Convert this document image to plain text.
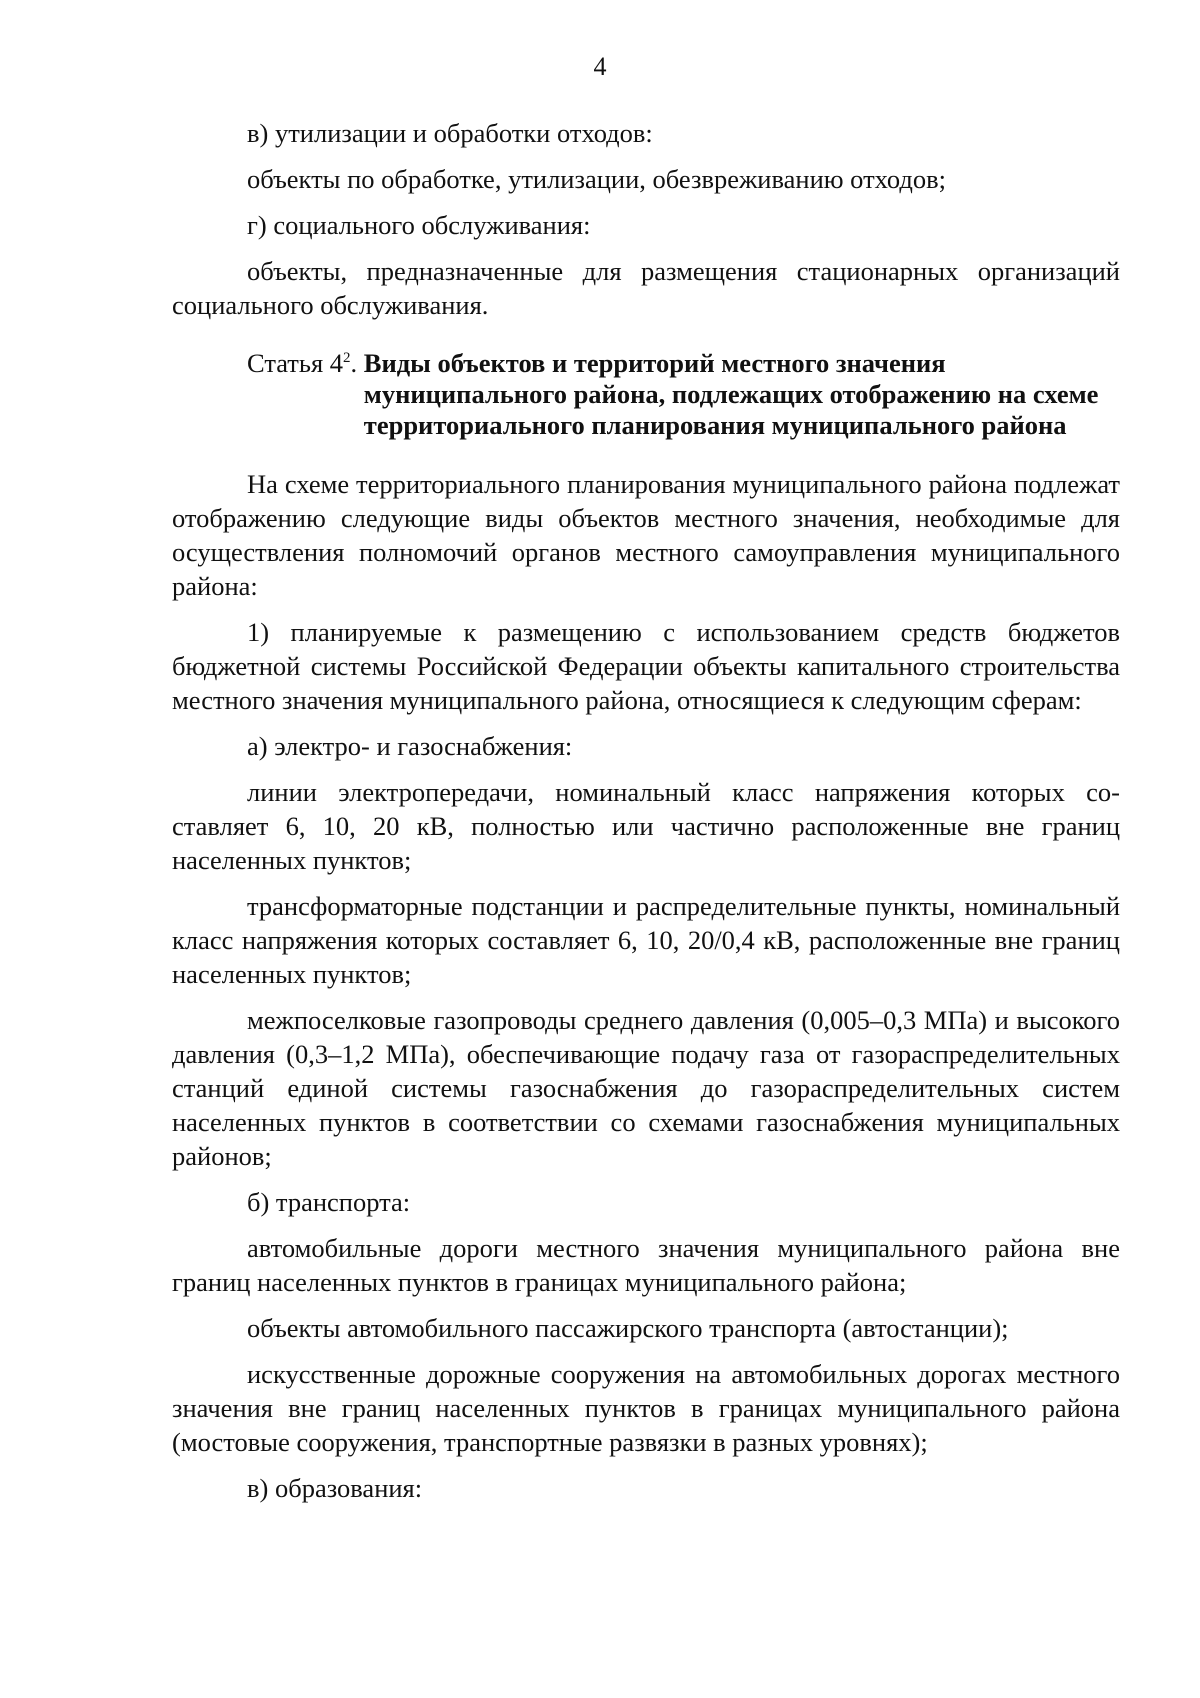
4

в) утилизации и обработки отходов:

объекты по обработке, утилизации, обезвреживанию отходов;

г) социального обслуживания:

объекты, предназначенные для размещения стационарных организаций социального обслуживания.

Статья $4^2$. Виды объектов и территорий местного значения муниципального района, подлежащих отображению на схеме территориального планирования муниципального района

На схеме территориального планирования муниципального района подлежат отображению следующие виды объектов местного значения, необходимые для осуществления полномочий органов местного самоуправления муниципального района:

1) планируемые к размещению с использованием средств бюджетов бюджетной системы Российской Федерации объекты капитального строительства местного значения муниципального района, относящиеся к следующим сферам:

а) электро- и газоснабжения:

линии электропередачи, номинальный класс напряжения которых составляет 6, 10, 20 кВ, полностью или частично расположенные вне границ населенных пунктов;

трансформаторные подстанции и распределительные пункты, номинальный класс напряжения которых составляет 6, 10, 20/0,4 кВ, расположенные вне границ населенных пунктов;

межпоселковые газопроводы среднего давления (0,005–0,3 МПа) и высокого давления (0,3–1,2 МПа), обеспечивающие подачу газа от газораспределительных станций единой системы газоснабжения до газораспределительных систем населенных пунктов в соответствии со схемами газоснабжения муниципальных районов;

б) транспорта:

автомобильные дороги местного значения муниципального района вне границ населенных пунктов в границах муниципального района;

объекты автомобильного пассажирского транспорта (автостанции);

искусственные дорожные сооружения на автомобильных дорогах местного значения вне границ населенных пунктов в границах муниципального района (мостовые сооружения, транспортные развязки в разных уровнях);

в) образования:
